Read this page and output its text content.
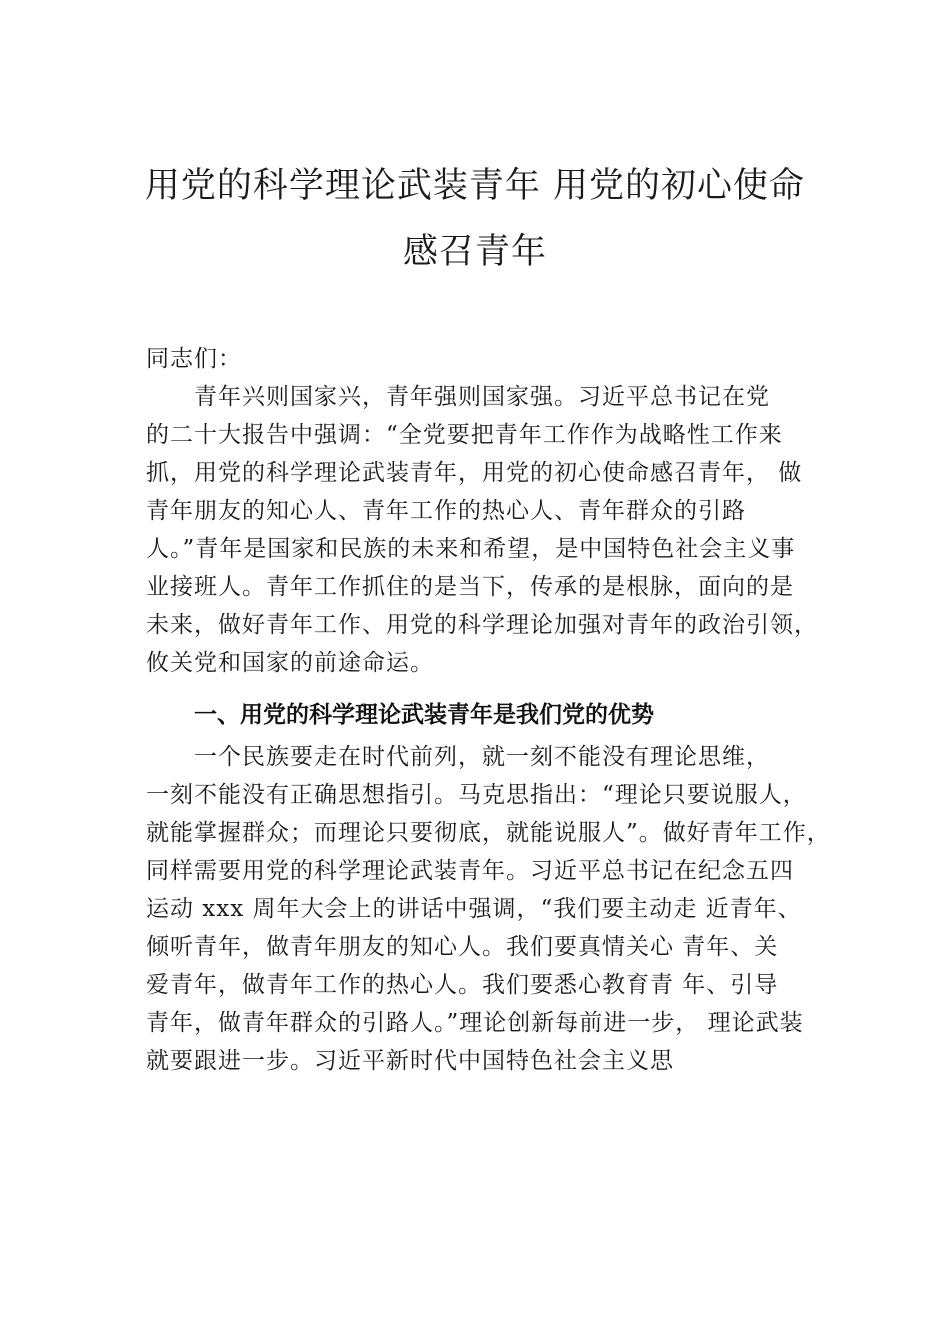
用党的科学理论武装青年 用党的初心使命
感召青年
同志们：
青年兴则国家兴，青年强则国家强。习近平总书记在党
的二十大报告中强调：“全党要把青年工作作为战略性工作来
抓，用党的科学理论武装青年，用党的初心使命感召青年， 做
青年朋友的知心人、青年工作的热心人、青年群众的引路
人。”青年是国家和民族的未来和希望，是中国特色社会主义事
业接班人。青年工作抓住的是当下，传承的是根脉，面向的是
未来，做好青年工作、用党的科学理论加强对青年的政治引领，
攸关党和国家的前途命运。
一、用党的科学理论武装青年是我们党的优势
一个民族要走在时代前列，就一刻不能没有理论思维，
一刻不能没有正确思想指引。马克思指出：“理论只要说服人，
就能掌握群众；而理论只要彻底，就能说服人”。做好青年工作，
同样需要用党的科学理论武装青年。习近平总书记在纪念五四
运动 xxx 周年大会上的讲话中强调，“我们要主动走 近青年、
倾听青年，做青年朋友的知心人。我们要真情关心 青年、关
爱青年，做青年工作的热心人。我们要悉心教育青 年、引导
青年，做青年群众的引路人。”理论创新每前进一步， 理论武装
就要跟进一步。习近平新时代中国特色社会主义思
